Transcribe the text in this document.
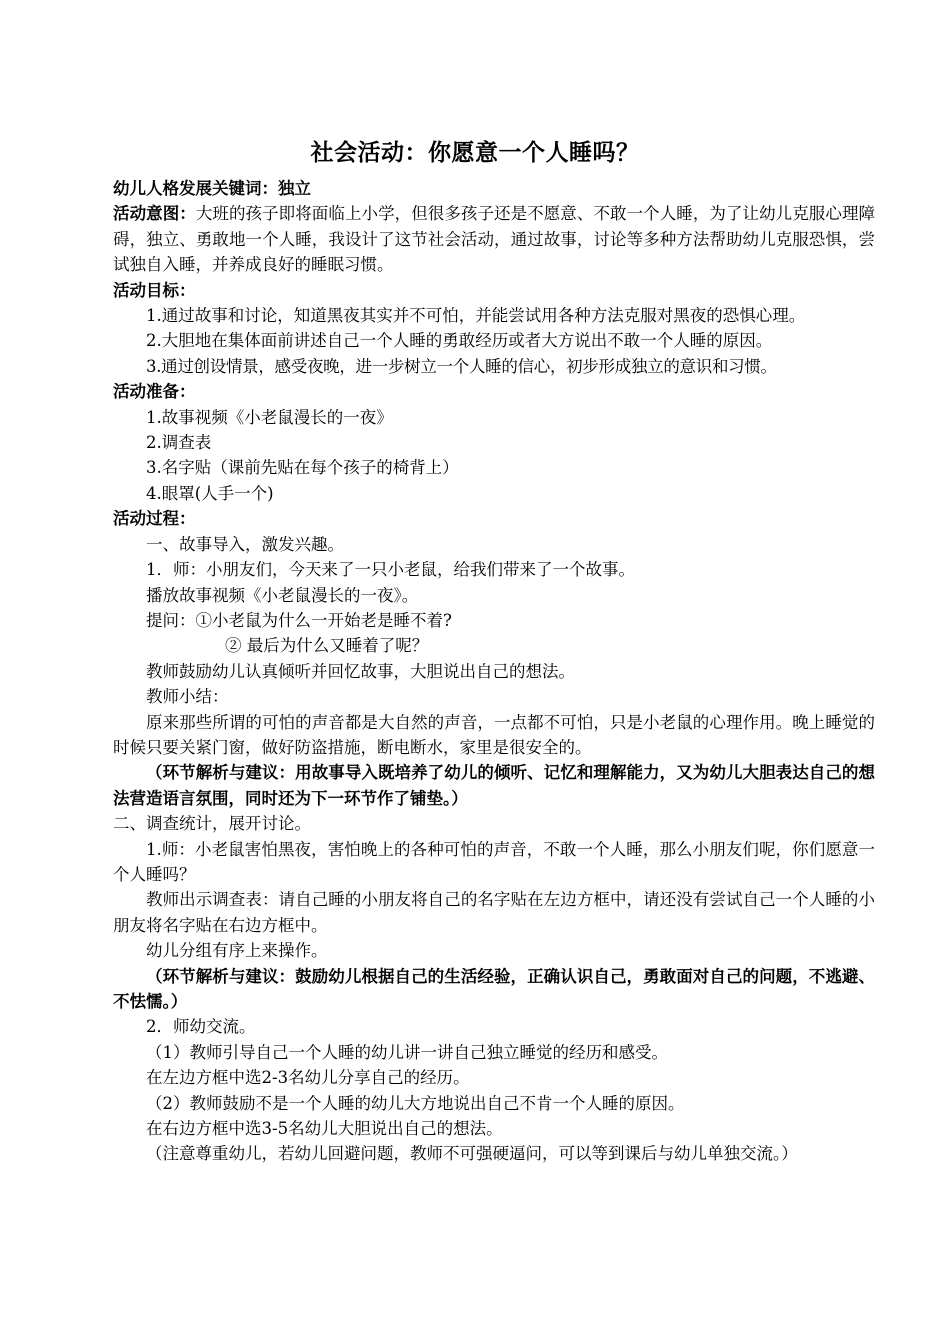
社会活动：你愿意一个人睡吗？

幼儿人格发展关键词：独立

活动意图：大班的孩子即将面临上小学，但很多孩子还是不愿意、不敢一个人睡，为了让幼儿克服心理障碍，独立、勇敢地一个人睡，我设计了这节社会活动，通过故事，讨论等多种方法帮助幼儿克服恐惧，尝试独自入睡，并养成良好的睡眠习惯。

活动目标：

1.通过故事和讨论，知道黑夜其实并不可怕，并能尝试用各种方法克服对黑夜的恐惧心理。

2.大胆地在集体面前讲述自己一个人睡的勇敢经历或者大方说出不敢一个人睡的原因。

3.通过创设情景，感受夜晚，进一步树立一个人睡的信心，初步形成独立的意识和习惯。

活动准备：

1.故事视频《小老鼠漫长的一夜》

2.调查表

3.名字贴（课前先贴在每个孩子的椅背上）

4.眼罩(人手一个)

活动过程：

一、故事导入，激发兴趣。

1．师：小朋友们，今天来了一只小老鼠，给我们带来了一个故事。

播放故事视频《小老鼠漫长的一夜》。

提问：①小老鼠为什么一开始老是睡不着?

② 最后为什么又睡着了呢？

教师鼓励幼儿认真倾听并回忆故事，大胆说出自己的想法。

教师小结：

原来那些所谓的可怕的声音都是大自然的声音，一点都不可怕，只是小老鼠的心理作用。晚上睡觉的时候只要关紧门窗，做好防盗措施，断电断水，家里是很安全的。

（环节解析与建议：用故事导入既培养了幼儿的倾听、记忆和理解能力，又为幼儿大胆表达自己的想法营造语言氛围，同时还为下一环节作了铺垫。）

二、调查统计，展开讨论。

1.师：小老鼠害怕黑夜，害怕晚上的各种可怕的声音，不敢一个人睡，那么小朋友们呢，你们愿意一个人睡吗？

教师出示调查表：请自己睡的小朋友将自己的名字贴在左边方框中，请还没有尝试自己一个人睡的小朋友将名字贴在右边方框中。

幼儿分组有序上来操作。

（环节解析与建议：鼓励幼儿根据自己的生活经验，正确认识自己，勇敢面对自己的问题，不逃避、不怯懦。）

2．师幼交流。

（1）教师引导自己一个人睡的幼儿讲一讲自己独立睡觉的经历和感受。

在左边方框中选2-3名幼儿分享自己的经历。

（2）教师鼓励不是一个人睡的幼儿大方地说出自己不肯一个人睡的原因。

在右边方框中选3-5名幼儿大胆说出自己的想法。

（注意尊重幼儿，若幼儿回避问题，教师不可强硬逼问，可以等到课后与幼儿单独交流。）
